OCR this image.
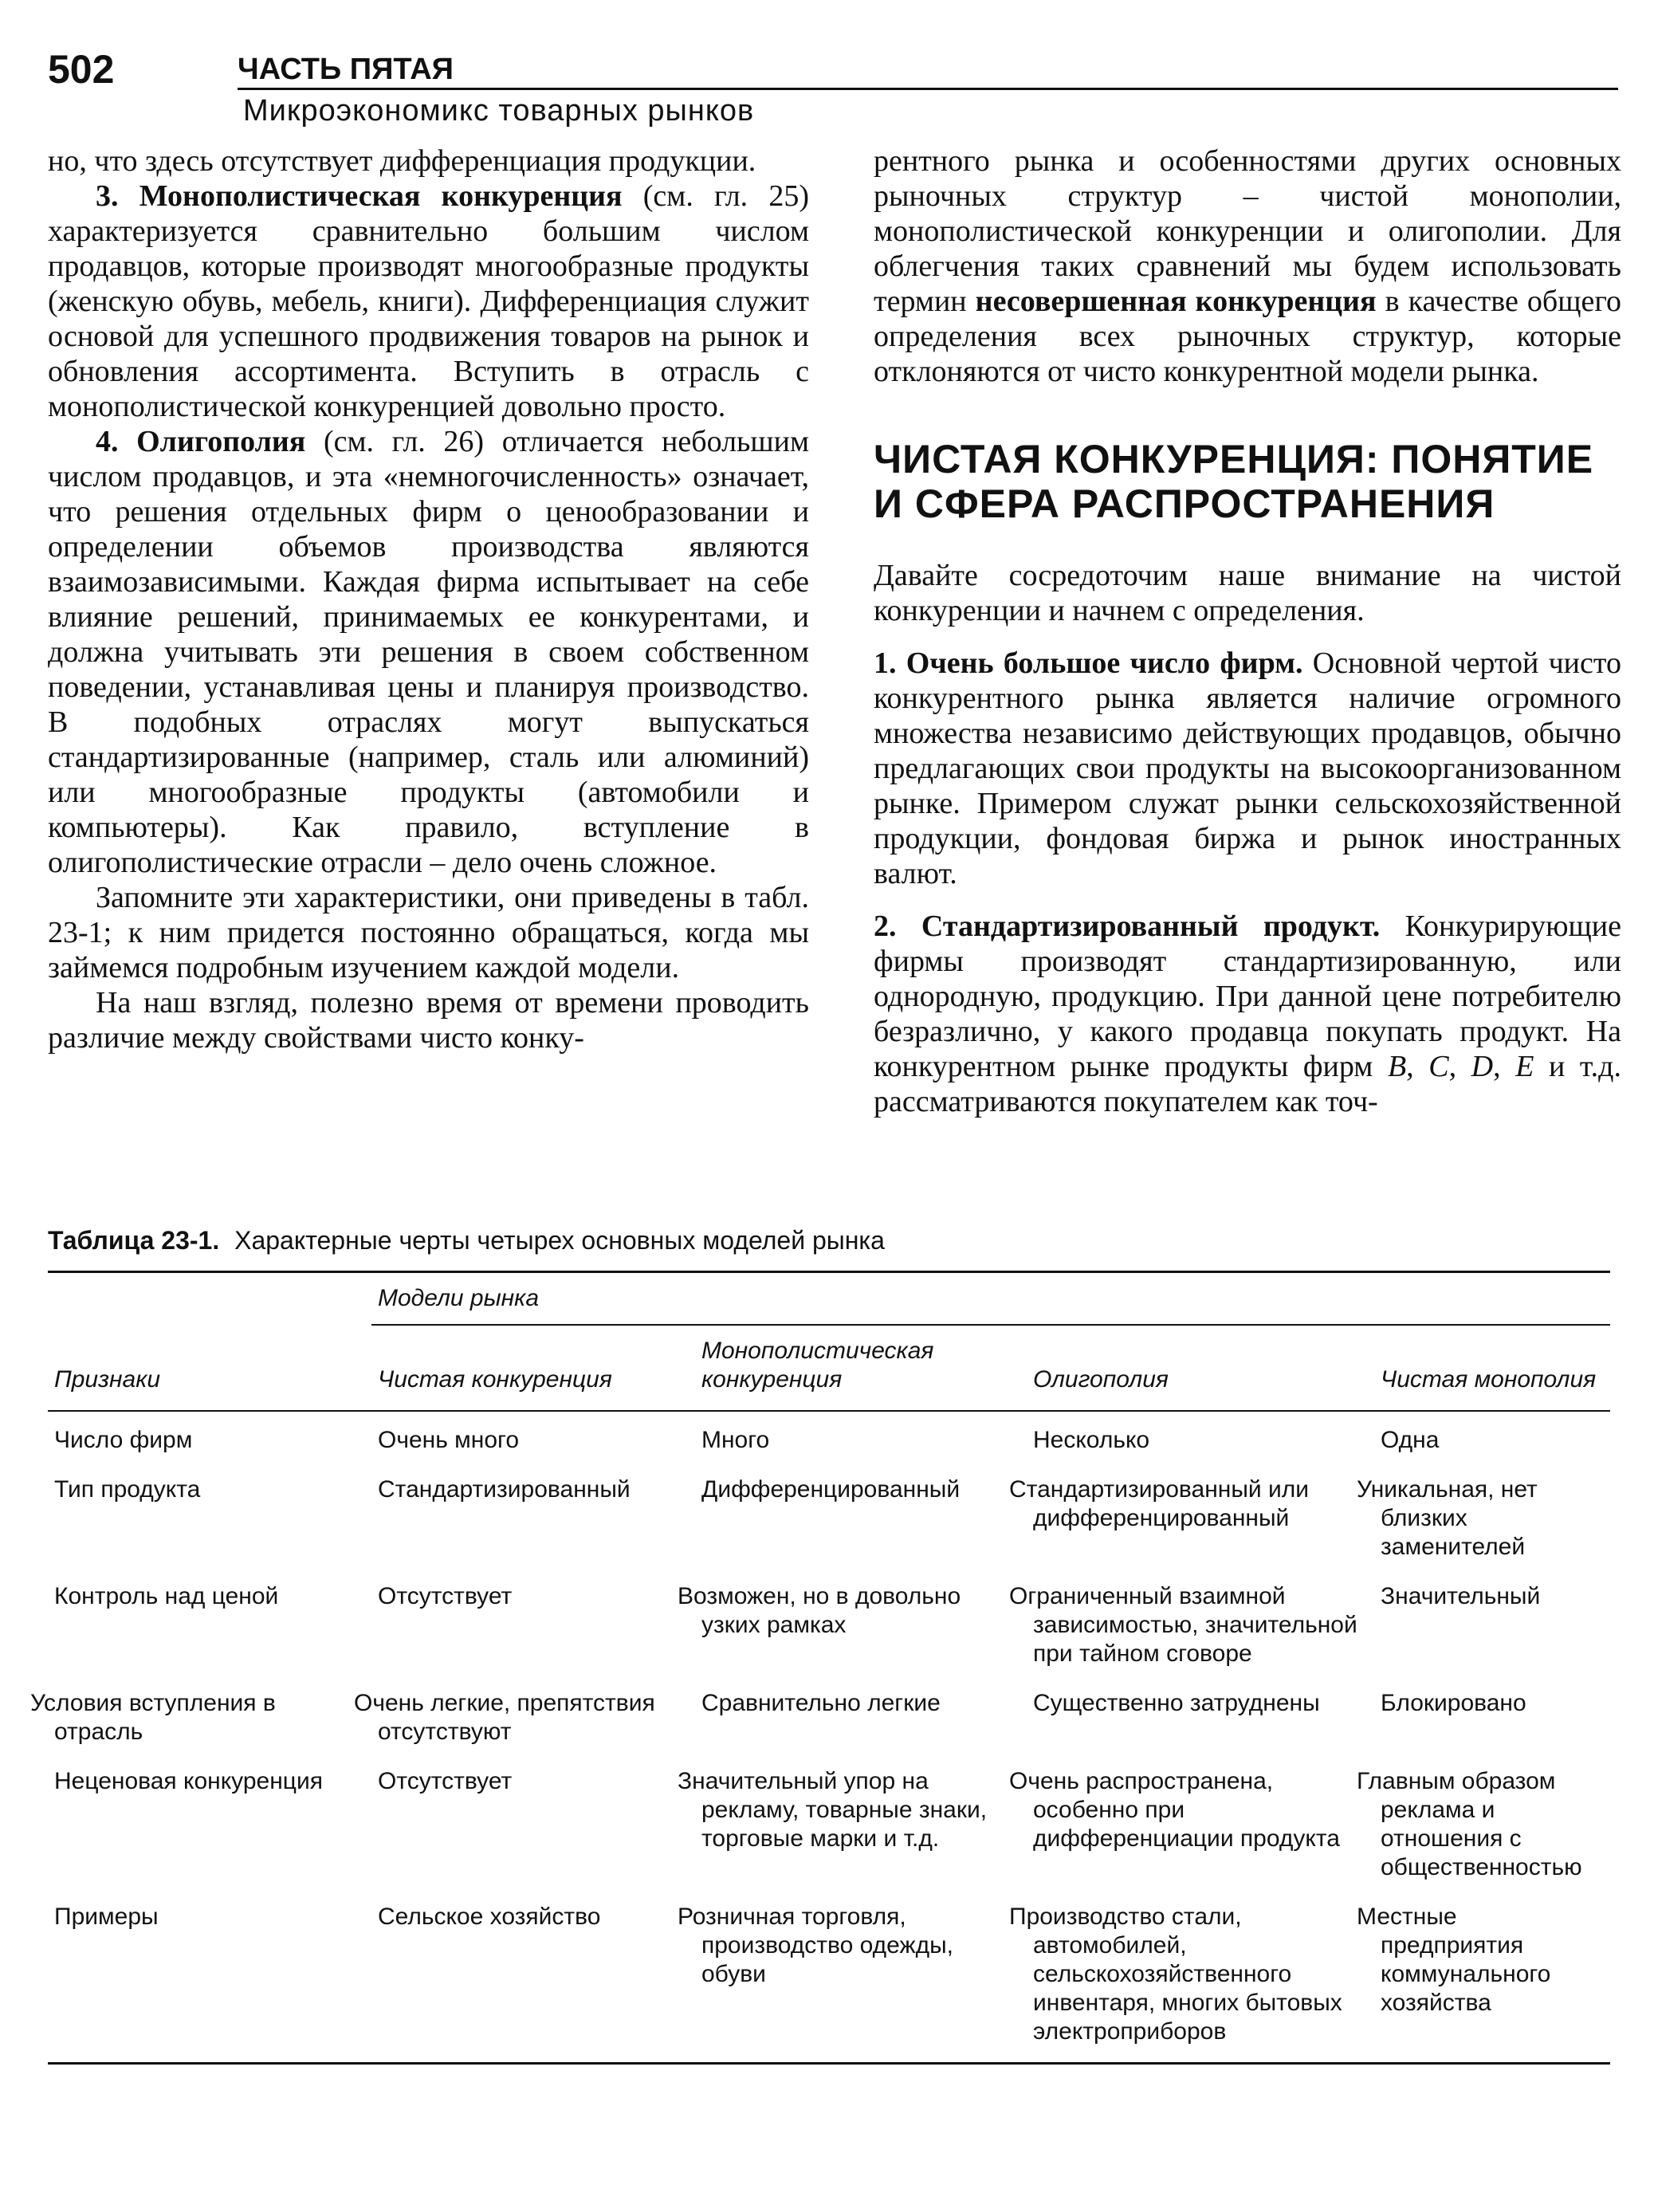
502	ЧАСТЬ ПЯТАЯ
Микроэкономикс товарных рынков

но, что здесь отсутствует дифференциация продукции.

3. Монополистическая конкуренция (см. гл. 25) характеризуется сравнительно большим числом продавцов, которые производят многообразные продукты (женскую обувь, мебель, книги). Дифференциация служит основой для успешного продвижения товаров на рынок и обновления ассортимента. Вступить в отрасль с монополистической конкуренцией довольно просто.

4. Олигополия (см. гл. 26) отличается небольшим числом продавцов, и эта «немногочисленность» означает, что решения отдельных фирм о ценообразовании и определении объемов производства являются взаимозависимыми. Каждая фирма испытывает на себе влияние решений, принимаемых ее конкурентами, и должна учитывать эти решения в своем собственном поведении, устанавливая цены и планируя производство. В подобных отраслях могут выпускаться стандартизированные (например, сталь или алюминий) или многообразные продукты (автомобили и компьютеры). Как правило, вступление в олигополистические отрасли – дело очень сложное.

Запомните эти характеристики, они приведены в табл. 23-1; к ним придется постоянно обращаться, когда мы займемся подробным изучением каждой модели.

На наш взгляд, полезно время от времени проводить различие между свойствами чисто конку-

рентного рынка и особенностями других основных рыночных структур – чистой монополии, монополистической конкуренции и олигополии. Для облегчения таких сравнений мы будем использовать термин несовершенная конкуренция в качестве общего определения всех рыночных структур, которые отклоняются от чисто конкурентной модели рынка.

ЧИСТАЯ КОНКУРЕНЦИЯ: ПОНЯТИЕ
И СФЕРА РАСПРОСТРАНЕНИЯ

Давайте сосредоточим наше внимание на чистой конкуренции и начнем с определения.

1. Очень большое число фирм. Основной чертой чисто конкурентного рынка является наличие огромного множества независимо действующих продавцов, обычно предлагающих свои продукты на высокоорганизованном рынке. Примером служат рынки сельскохозяйственной продукции, фондовая биржа и рынок иностранных валют.

2. Стандартизированный продукт. Конкурирующие фирмы производят стандартизированную, или однородную, продукцию. При данной цене потребителю безразлично, у какого продавца покупать продукт. На конкурентном рынке продукты фирм B, C, D, E и т.д. рассматриваются покупателем как точ-

Таблица 23-1. Характерные черты четырех основных моделей рынка
	Модели рынка			
Признаки	Чистая конкуренция	Монополистическая конкуренция	Олигополия	Чистая монополия
Число фирм	Очень много	Много	Несколько	Одна
Тип продукта	Стандартизированный	Дифференцированный	Стандартизированный или дифференцированный	Уникальная, нет близких заменителей
Контроль над ценой	Отсутствует	Возможен, но в довольно узких рамках	Ограниченный взаимной зависимостью, значительной при тайном сговоре	Значительный
Условия вступления в отрасль	Очень легкие, препятствия отсутствуют	Сравнительно легкие	Существенно затруднены	Блокировано
Неценовая конкуренция	Отсутствует	Значительный упор на рекламу, товарные знаки, торговые марки и т.д.	Очень распространена, особенно при дифференциации продукта	Главным образом реклама и отношения с общественностью
Примеры	Сельское хозяйство	Розничная торговля, производство одежды, обуви	Производство стали, автомобилей, сельскохозяйственного инвентаря, многих бытовых электроприборов	Местные предприятия коммунального хозяйства
